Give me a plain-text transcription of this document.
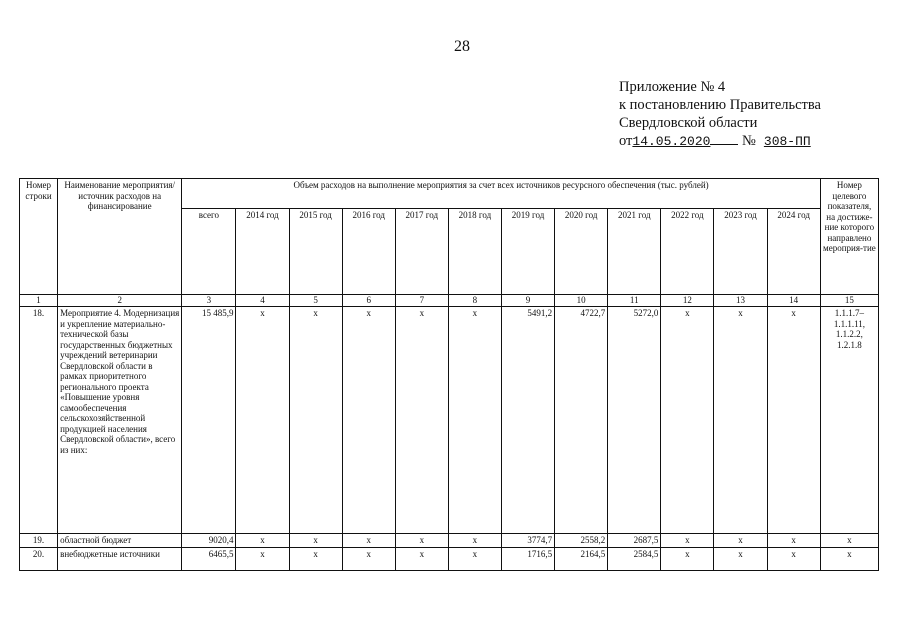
28
Приложение № 4
к постановлению Правительства
Свердловской области
от14.05.2020 № 308-ПП
Номер строки	Наименование мероприятия/ источник расходов на финансирование	Объем расходов на выполнение мероприятия за счет всех источников ресурсного обеспечения (тыс. рублей)												Номер целевого показателя, на достиже-ние которого направлено мероприя-тие
		всего	2014 год	2015 год	2016 год	2017 год	2018 год	2019 год	2020 год	2021 год	2022 год	2023 год	2024 год	
1	2	3	4	5	6	7	8	9	10	11	12	13	14	15
18.	Мероприятие 4. Модернизация и укрепление материально-технической базы государственных бюджетных учреждений ветеринарии Свердловской области в рамках приоритетного регионального проекта «Повышение уровня самообеспечения сельскохозяйственной продукцией населения Свердловской области», всего из них:	15 485,9	x	x	x	x	x	5491,2	4722,7	5272,0	x	x	x	1.1.1.7– 1.1.1.11, 1.1.2.2, 1.2.1.8
19.	областной бюджет	9020,4	x	x	x	x	x	3774,7	2558,2	2687,5	x	x	x	x
20.	внебюджетные источники	6465,5	x	x	x	x	x	1716,5	2164,5	2584,5	x	x	x	x
